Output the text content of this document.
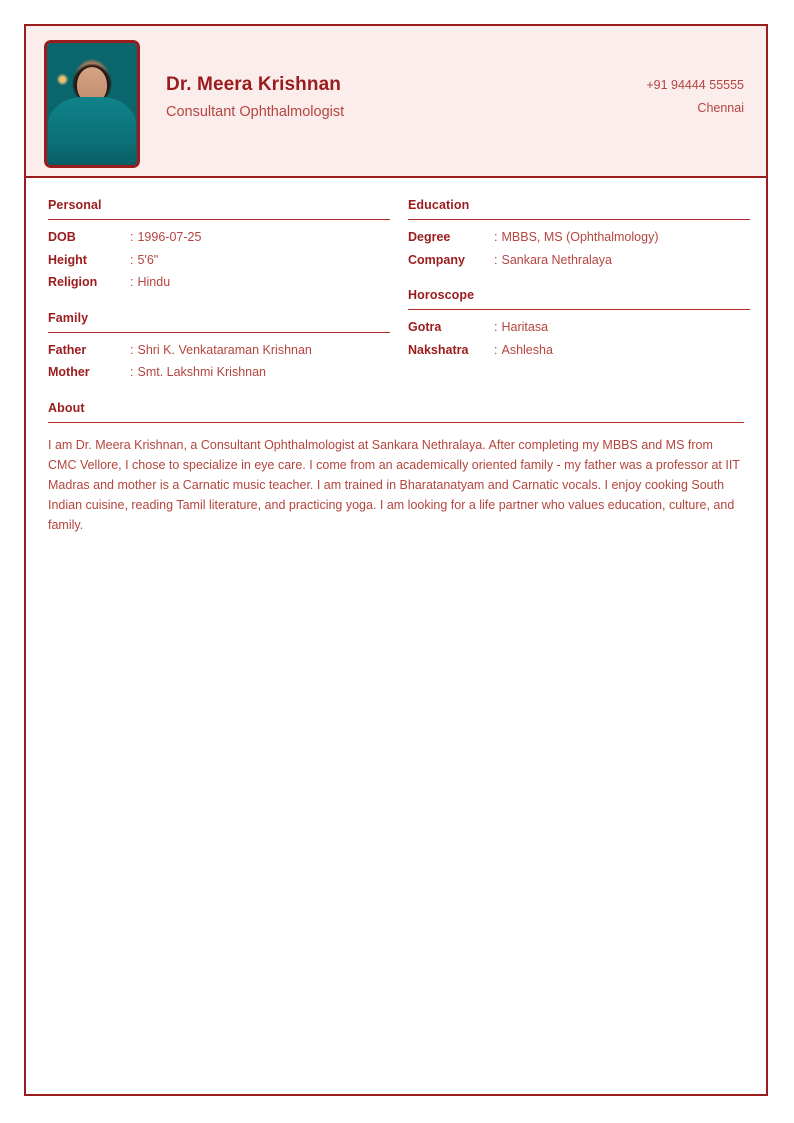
Dr. Meera Krishnan
Consultant Ophthalmologist
+91 94444 55555
Chennai
Personal
DOB	: 1996-07-25
Height	: 5'6"
Religion	: Hindu
Family
Father	: Shri K. Venkataraman Krishnan
Mother	: Smt. Lakshmi Krishnan
Education
Degree	: MBBS, MS (Ophthalmology)
Company	: Sankara Nethralaya
Horoscope
Gotra	: Haritasa
Nakshatra	: Ashlesha
About
I am Dr. Meera Krishnan, a Consultant Ophthalmologist at Sankara Nethralaya. After completing my MBBS and MS from CMC Vellore, I chose to specialize in eye care. I come from an academically oriented family - my father was a professor at IIT Madras and mother is a Carnatic music teacher. I am trained in Bharatanatyam and Carnatic vocals. I enjoy cooking South Indian cuisine, reading Tamil literature, and practicing yoga. I am looking for a life partner who values education, culture, and family.
